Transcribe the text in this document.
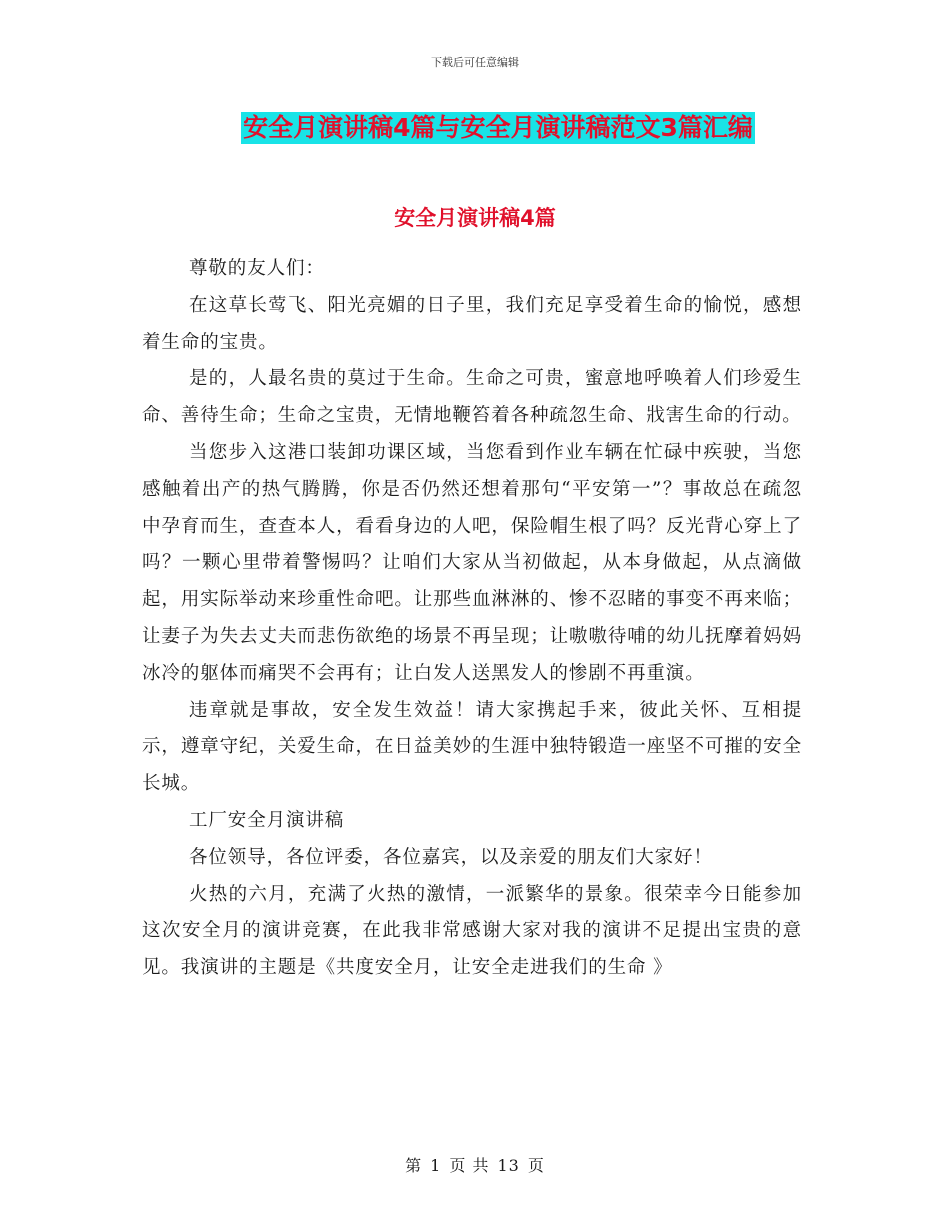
下载后可任意编辑
安全月演讲稿4篇与安全月演讲稿范文3篇汇编
安全月演讲稿4篇

尊敬的友人们：

在这草长莺飞、阳光亮媚的日子里，我们充足享受着生命的愉悦，感想着生命的宝贵。

是的，人最名贵的莫过于生命。生命之可贵，蜜意地呼唤着人们珍爱生命、善待生命；生命之宝贵，无情地鞭笞着各种疏忽生命、戕害生命的行动。

当您步入这港口装卸功课区域，当您看到作业车辆在忙碌中疾驶，当您感触着出产的热气腾腾，你是否仍然还想着那句“平安第一”？事故总在疏忽中孕育而生，查查本人，看看身边的人吧，保险帽生根了吗？反光背心穿上了吗？一颗心里带着警惕吗？让咱们大家从当初做起，从本身做起，从点滴做起，用实际举动来珍重性命吧。让那些血淋淋的、惨不忍睹的事变不再来临；让妻子为失去丈夫而悲伤欲绝的场景不再呈现；让嗷嗷待哺的幼儿抚摩着妈妈冰冷的躯体而痛哭不会再有；让白发人送黑发人的惨剧不再重演。

违章就是事故，安全发生效益！请大家携起手来，彼此关怀、互相提示，遵章守纪，关爱生命，在日益美妙的生涯中独特锻造一座坚不可摧的安全长城。

工厂安全月演讲稿

各位领导，各位评委，各位嘉宾，以及亲爱的朋友们大家好！

火热的六月，充满了火热的激情，一派繁华的景象。很荣幸今日能参加这次安全月的演讲竞赛，在此我非常感谢大家对我的演讲不足提出宝贵的意见。我演讲的主题是《共度安全月，让安全走进我们的生命 》

第 1 页 共 13 页
